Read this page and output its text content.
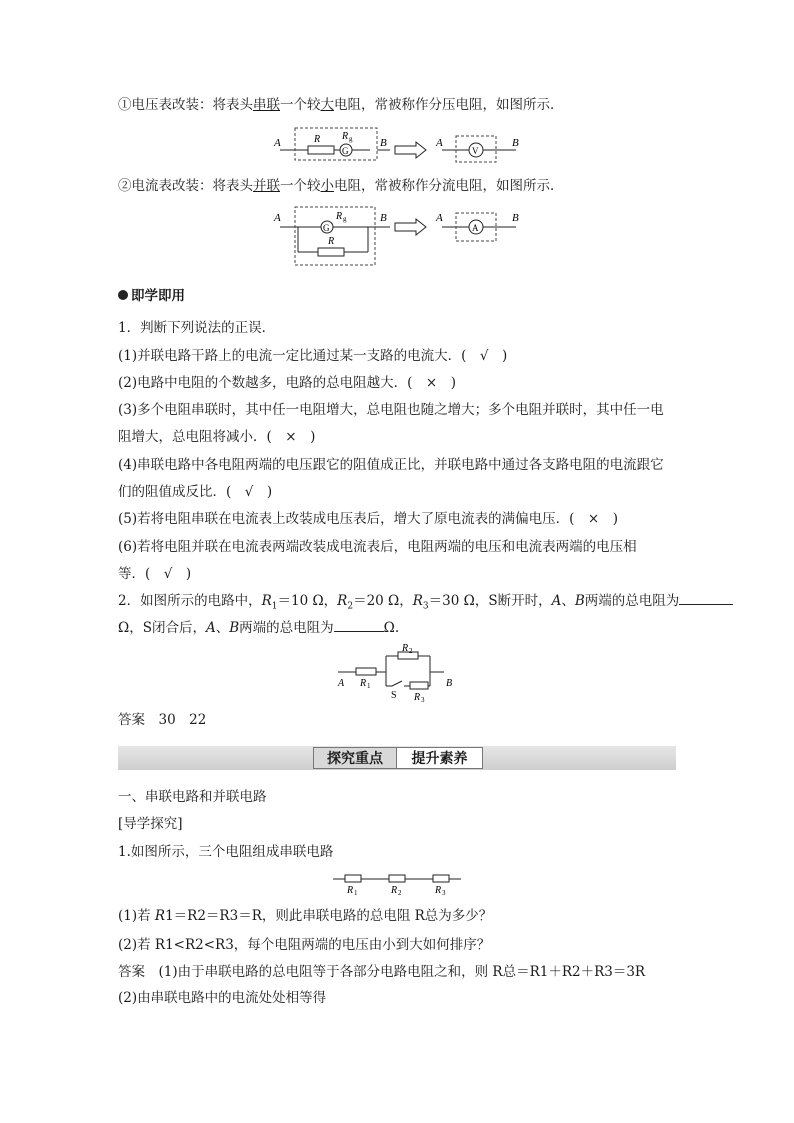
①电压表改装：将表头串联一个较大电阻，常被称作分压电阻，如图所示．
A	R
G
R g	B	A
V
B
②电流表改装：将表头并联一个较小电阻，常被称作分流电阻，如图所示．
A
G
R g
R
B	A
A
B
即学即用
1．判断下列说法的正误．
(1)并联电路干路上的电流一定比通过某一支路的电流大．(　√　)
(2)电路中电阻的个数越多，电路的总电阻越大．(　×　)
(3)多个电阻串联时，其中任一电阻增大，总电阻也随之增大；多个电阻并联时，其中任一电
阻增大，总电阻将减小．(　×　)
(4)串联电路中各电阻两端的电压跟它的阻值成正比，并联电路中通过各支路电阻的电流跟它
们的阻值成反比．(　√　)
(5)若将电阻串联在电流表上改装成电压表后，增大了原电流表的满偏电压．(　×　)
(6)若将电阻并联在电流表两端改装成电流表后，电阻两端的电压和电流表两端的电压相
等．(　√　)
2．如图所示的电路中，$R_1=10$ Ω，$R_2=20$ Ω，$R_3=30$ Ω，S断开时，A、B两端的总电阻为
Ω，S闭合后，A、B两端的总电阻为	Ω.
A R 1
R 2
S R 3
B
答案　 30　22
探究重点	提升素养
一、串联电路和并联电路
[导学探究]
1.如图所示，三个电阻组成串联电路
R 1	R 2	R 3
(1)若 R1＝R2＝R3＝R，则此串联电路的总电阻 R总为多少？
(2)若 R1<R2<R3，每个电阻两端的电压由小到大如何排序？
答案　 (1)由于串联电路的总电阻等于各部分电路电阻之和，则 R总＝R1＋R2＋R3＝3R
(2)由串联电路中的电流处处相等得
